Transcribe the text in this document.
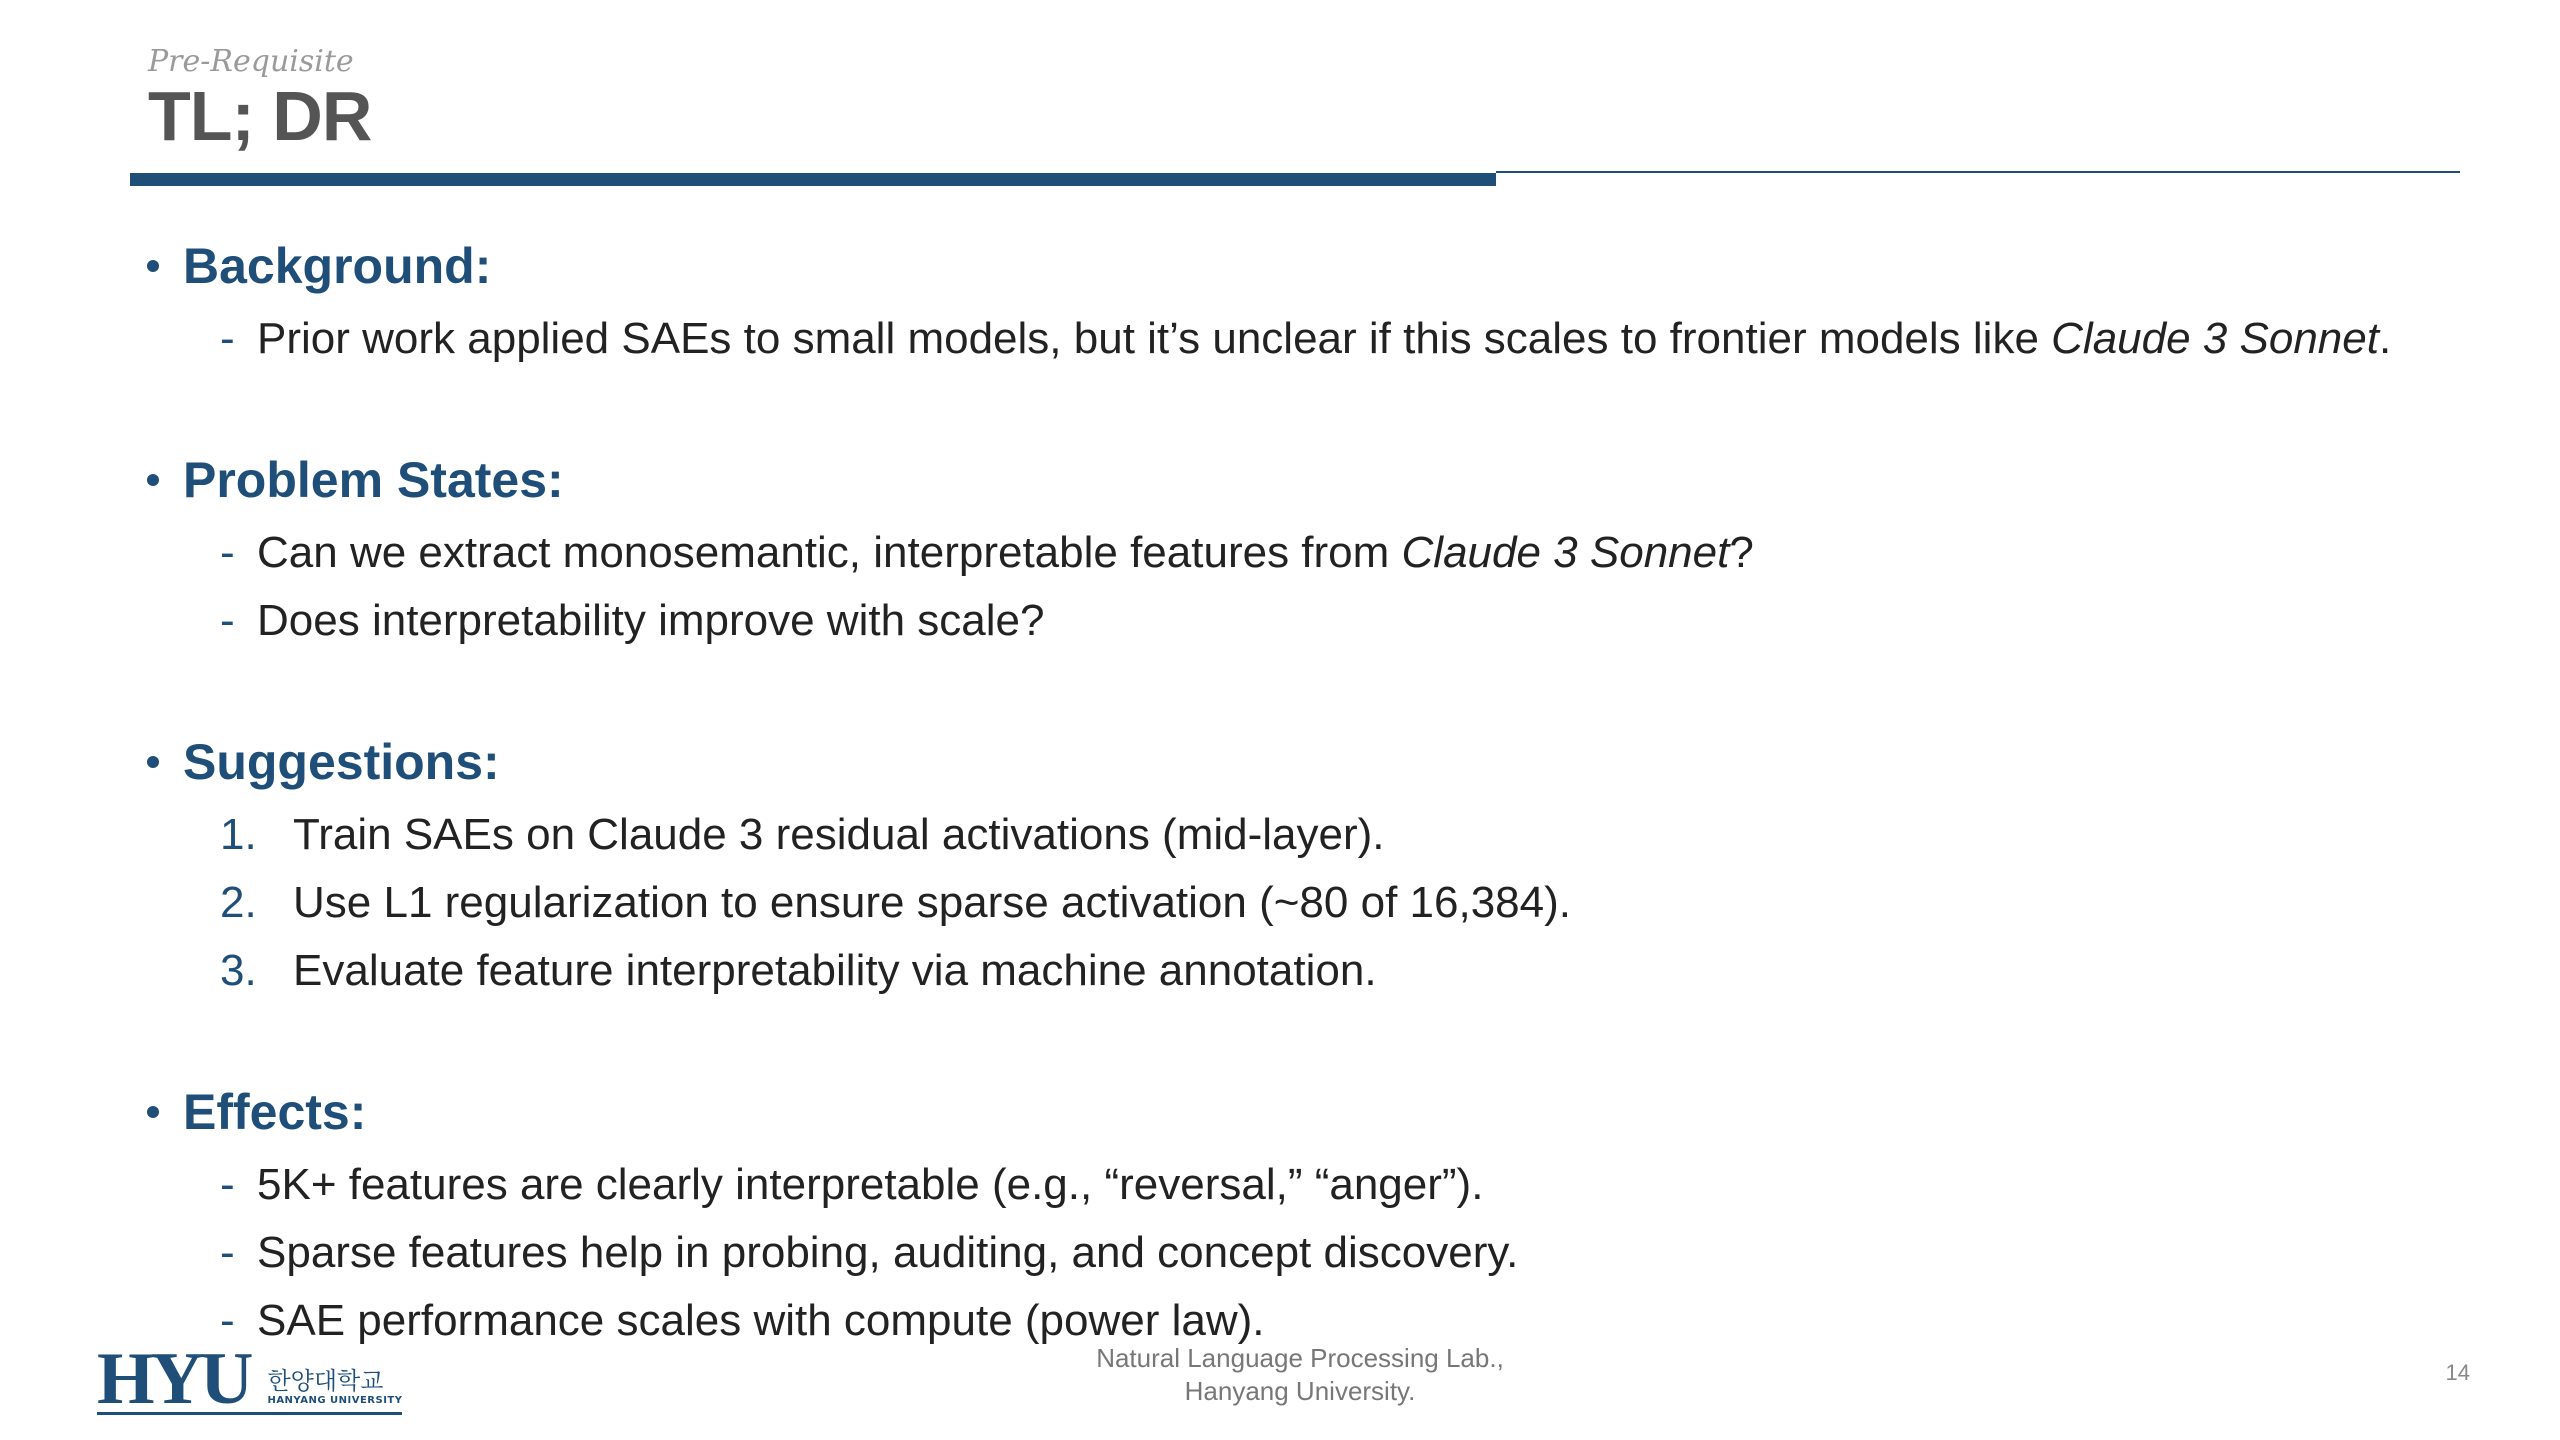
Pre-Requisite
TL; DR
Background:
- Prior work applied SAEs to small models, but it’s unclear if this scales to frontier models like Claude 3 Sonnet.
Problem States:
- Can we extract monosemantic, interpretable features from Claude 3 Sonnet?
- Does interpretability improve with scale?
Suggestions:
1. Train SAEs on Claude 3 residual activations (mid-layer).
2. Use L1 regularization to ensure sparse activation (~80 of 16,384).
3. Evaluate feature interpretability via machine annotation.
Effects:
- 5K+ features are clearly interpretable (e.g., “reversal,” “anger”).
- Sparse features help in probing, auditing, and concept discovery.
- SAE performance scales with compute (power law).
HYU 한양대학교
HANYANG UNIVERSITY
Natural Language Processing Lab.,
Hanyang University.
14
